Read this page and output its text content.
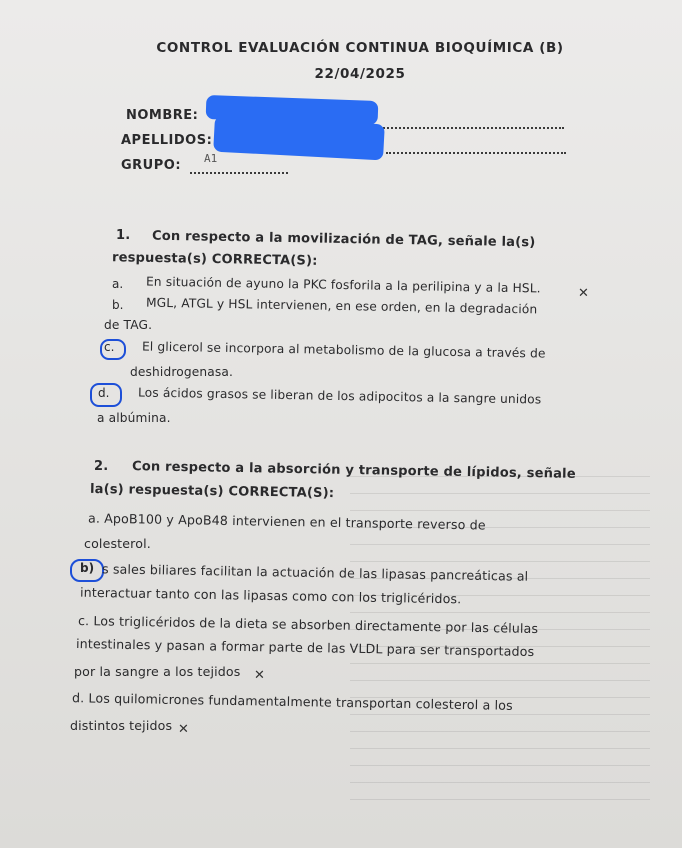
CONTROL EVALUACIÓN CONTINUA BIOQUÍMICA (B)
22/04/2025
NOMBRE:
APELLIDOS:
GRUPO: A1
1. Con respecto a la movilización de TAG, señale la(s)
respuesta(s) CORRECTA(S):
a. En situación de ayuno la PKC fosforila a la perilipina y a la HSL.	✕
b. MGL, ATGL y HSL intervienen, en ese orden, en la degradación
de TAG.
c. El glicerol se incorpora al metabolismo de la glucosa a través de
deshidrogenasa.
d. Los ácidos grasos se liberan de los adipocitos a la sangre unidos
a albúmina.
2. Con respecto a la absorción y transporte de lípidos, señale
la(s) respuesta(s) CORRECTA(S):
a. ApoB100 y ApoB48 intervienen en el transporte reverso de
colesterol.
b) s sales biliares facilitan la actuación de las lipasas pancreáticas al
interactuar tanto con las lipasas como con los triglicéridos.
c. Los triglicéridos de la dieta se absorben directamente por las células
intestinales y pasan a formar parte de las VLDL para ser transportados
por la sangre a los tejidos ✕
d. Los quilomicrones fundamentalmente transportan colesterol a los
distintos tejidos ✕
